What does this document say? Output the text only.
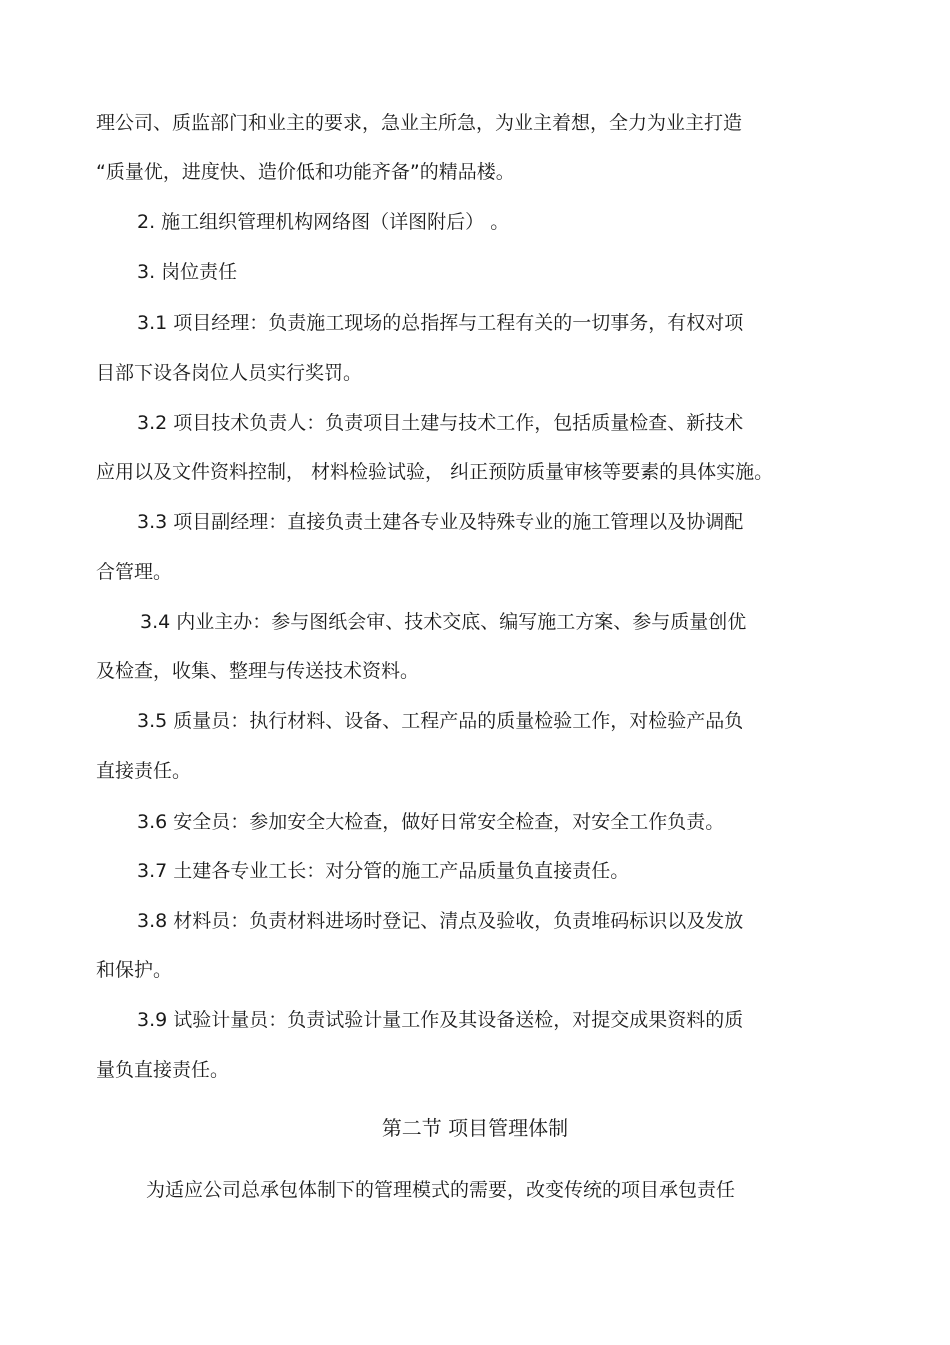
理公司、质监部门和业主的要求，急业主所急，为业主着想，全力为业主打造
“质量优，进度快、造价低和功能齐备”的精品楼。
2. 施工组织管理机构网络图（详图附后） 。
3. 岗位责任
3.1 项目经理：负责施工现场的总指挥与工程有关的一切事务，有权对项
目部下设各岗位人员实行奖罚。
3.2 项目技术负责人：负责项目土建与技术工作，包括质量检查、新技术
应用以及文件资料控制， 材料检验试验， 纠正预防质量审核等要素的具体实施。
3.3 项目副经理：直接负责土建各专业及特殊专业的施工管理以及协调配
合管理。
3.4 内业主办：参与图纸会审、技术交底、编写施工方案、参与质量创优
及检查，收集、整理与传送技术资料。
3.5 质量员：执行材料、设备、工程产品的质量检验工作，对检验产品负
直接责任。
3.6 安全员：参加安全大检查，做好日常安全检查，对安全工作负责。
3.7 土建各专业工长：对分管的施工产品质量负直接责任。
3.8 材料员：负责材料进场时登记、清点及验收，负责堆码标识以及发放
和保护。
3.9 试验计量员：负责试验计量工作及其设备送检，对提交成果资料的质
量负直接责任。
第二节 项目管理体制
为适应公司总承包体制下的管理模式的需要，改变传统的项目承包责任
